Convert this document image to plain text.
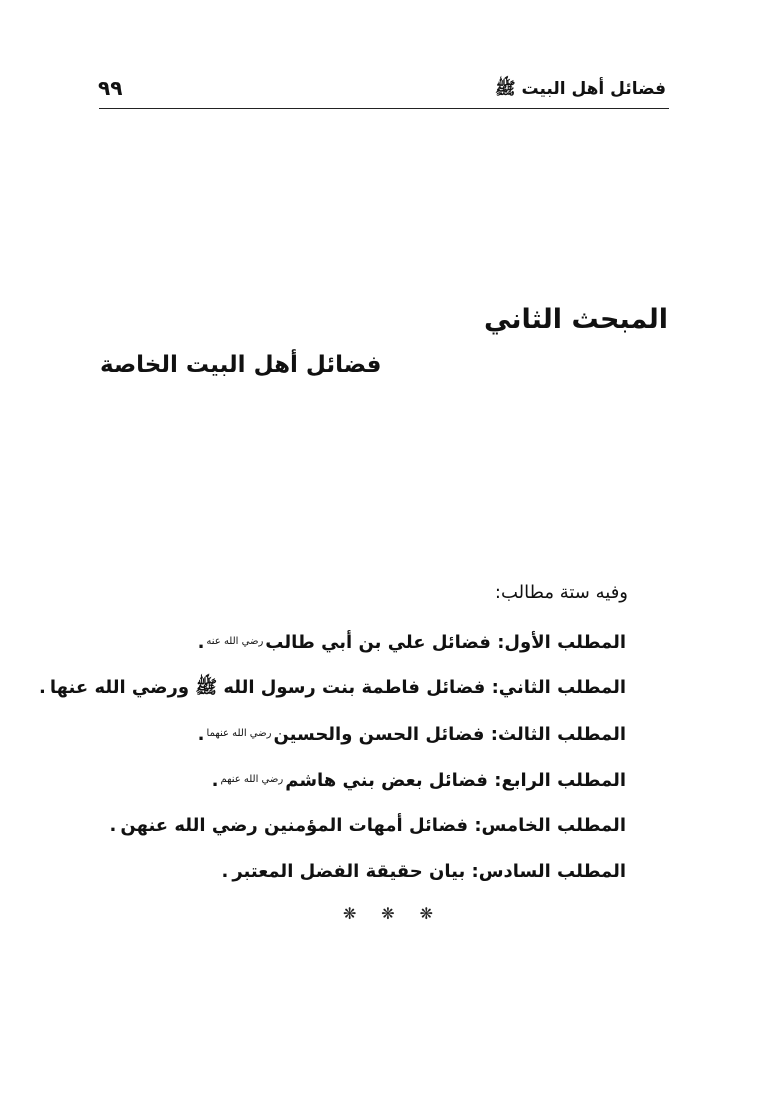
فضائل أهل البيت ﷺ
٩٩
المبحث الثاني
فضائل أهل البيت الخاصة

وفيه ستة مطالب:

المطلب الأول: فضائل علي بن أبي طالبرضي الله عنه.
المطلب الثاني: فضائل فاطمة بنت رسول الله ﷺ ورضي الله عنها.
المطلب الثالث: فضائل الحسن والحسينرضي الله عنهما.
المطلب الرابع: فضائل بعض بني هاشمرضي الله عنهم.
المطلب الخامس: فضائل أمهات المؤمنين رضي الله عنهن.
المطلب السادس: بيان حقيقة الفضل المعتبر.
❋ ❋ ❋
